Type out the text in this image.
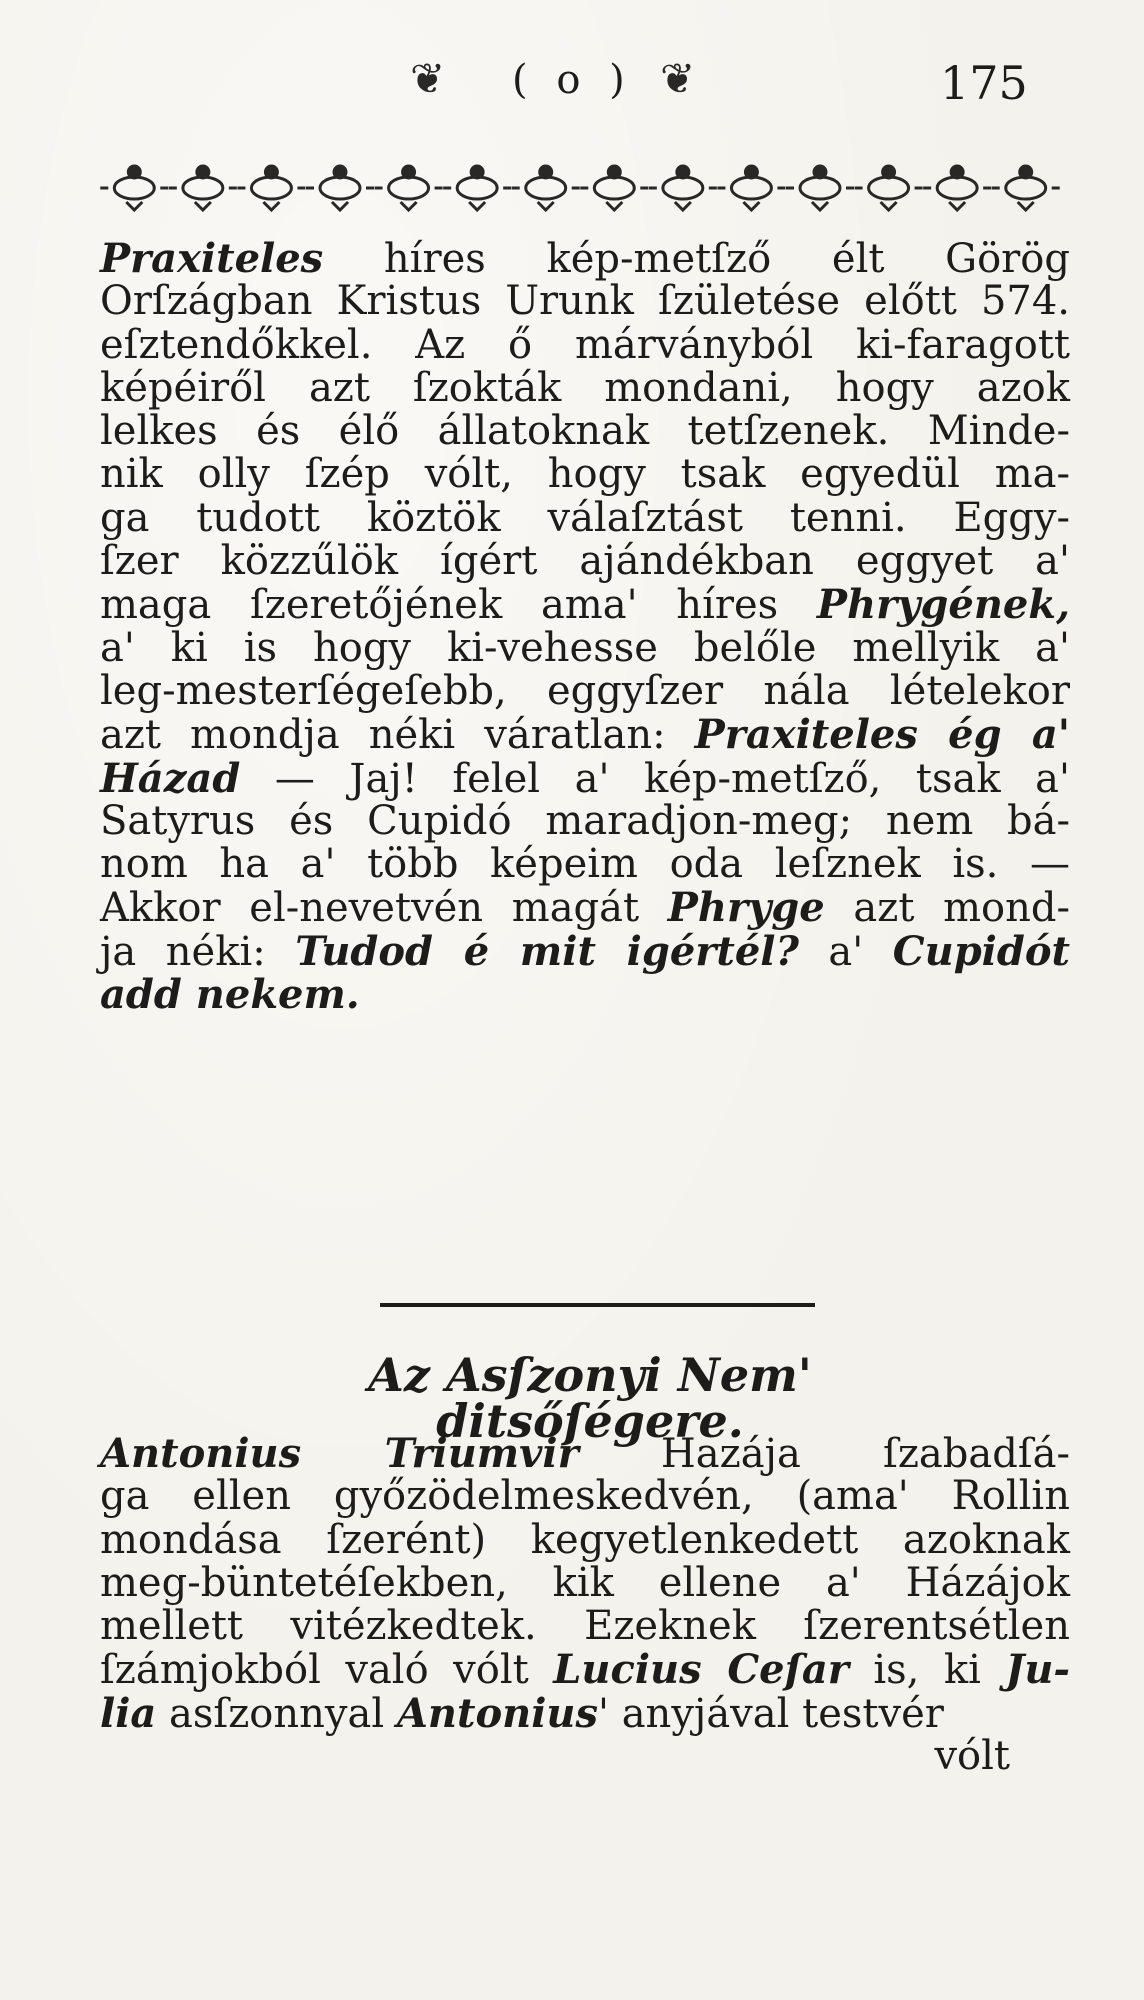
❦ ( o ) ❦	175
Praxiteles híres kép-metſző élt Görög
Orſzágban Kristus Urunk ſzületése előtt 574.
eſztendőkkel. Az ő márványból ki-faragott
képéiről azt ſzokták mondani, hogy azok
lelkes és élő állatoknak tetſzenek. Minde-
nik olly ſzép vólt, hogy tsak egyedül ma-
ga tudott köztök válaſztást tenni. Eggy-
ſzer közzűlök ígért ajándékban eggyet a'
maga ſzeretőjének ama' híres Phrygének,
a' ki is hogy ki-vehesse belőle mellyik a'
leg-mesterſégeſebb, eggyſzer nála lételekor
azt mondja néki váratlan: Praxiteles ég a'
Házad — Jaj! felel a' kép-metſző, tsak a'
Satyrus és Cupidó maradjon-meg; nem bá-
nom ha a' több képeim oda leſznek is. —
Akkor el-nevetvén magát Phryge azt mond-
ja néki: Tudod é mit igértél? a' Cupidót
add nekem.
Az Asſzonyi Nem' ditsőſégere.
Antonius Triumvir Hazája ſzabadſá-
ga ellen győzödelmeskedvén, (ama' Rollin
mondása ſzerént) kegyetlenkedett azoknak
meg-büntetéſekben, kik ellene a' Házájok
mellett vitézkedtek. Ezeknek ſzerentsétlen
ſzámjokból való vólt Lucius Ceſar is, ki Ju-
lia asſzonnyal Antonius' anyjával testvér
vólt
